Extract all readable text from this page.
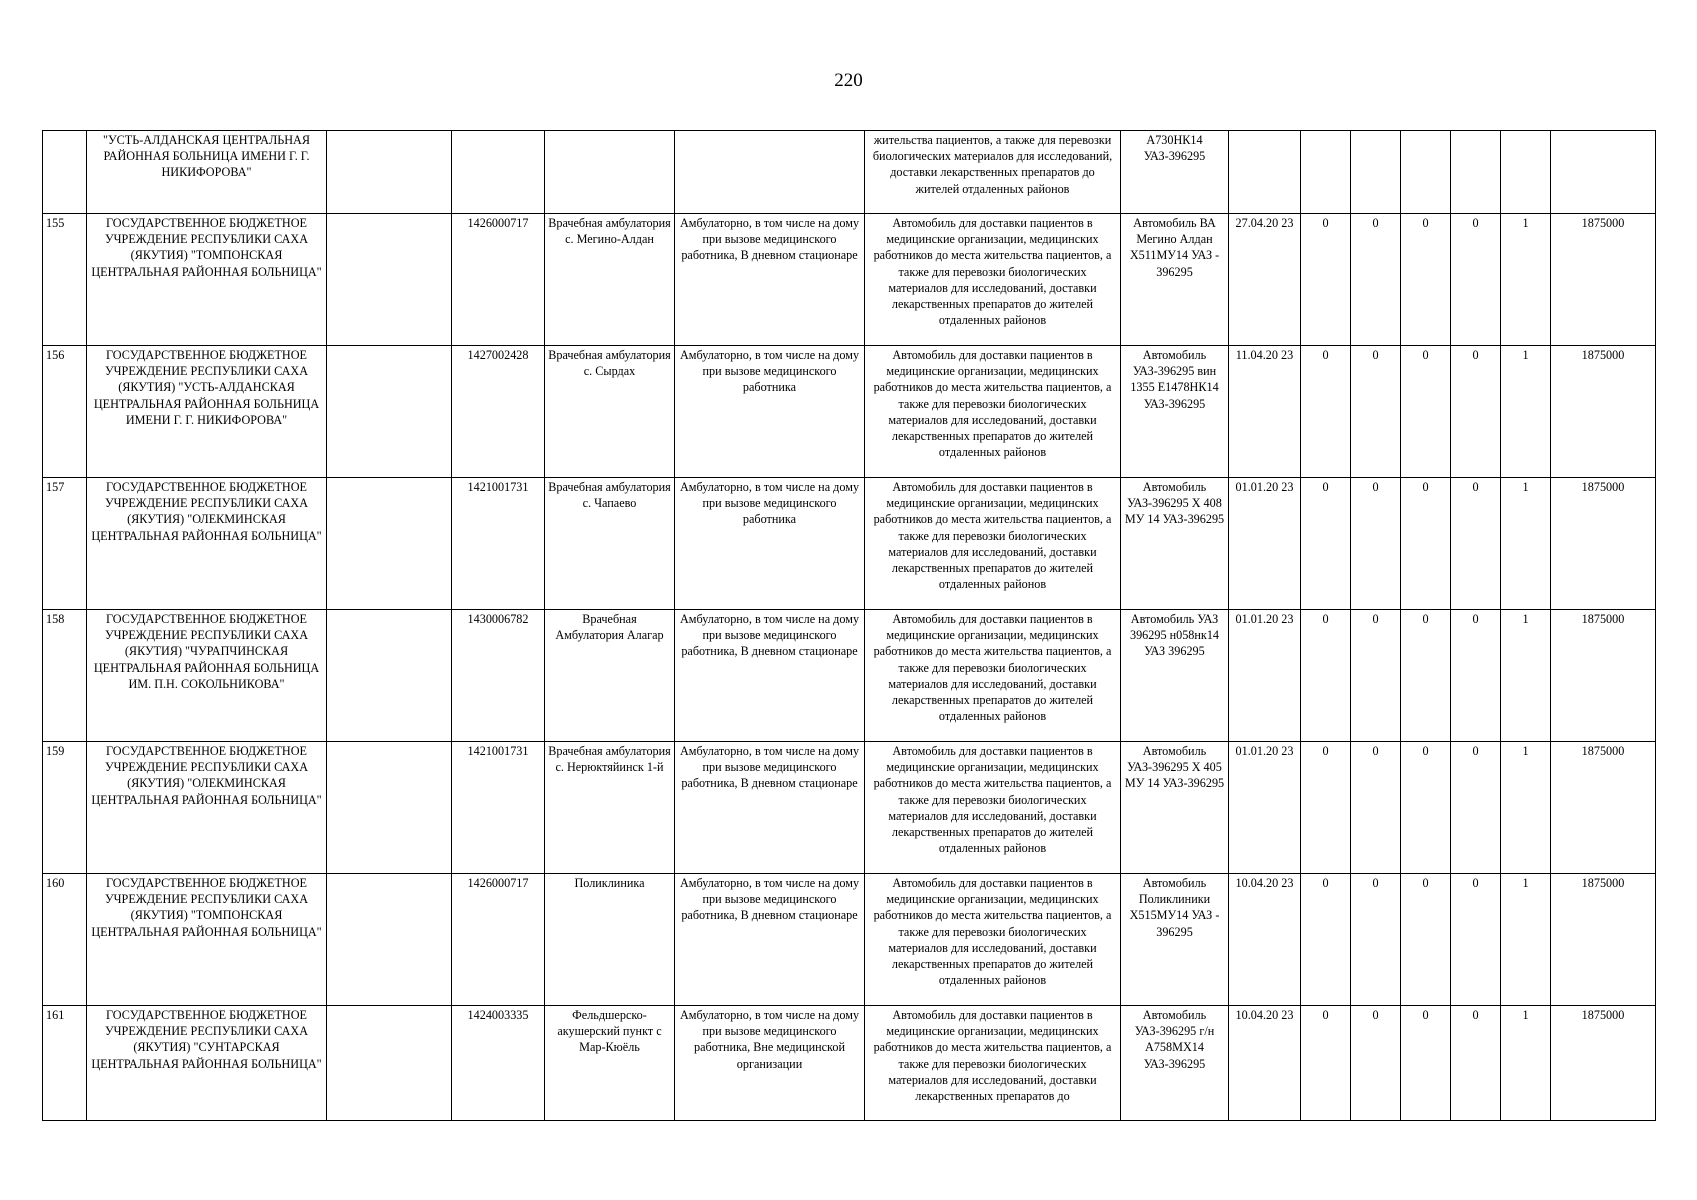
220

	"УСТЬ-АЛДАНСКАЯ ЦЕНТРАЛЬНАЯ РАЙОННАЯ БОЛЬНИЦА ИМЕНИ Г. Г. НИКИФОРОВА"					жительства пациентов, а также для перевозки биологических материалов для исследований, доставки лекарственных препаратов до жителей отдаленных районов	А730НК14 УАЗ-396295							

155	ГОСУДАРСТВЕННОЕ БЮДЖЕТНОЕ УЧРЕЖДЕНИЕ РЕСПУБЛИКИ САХА (ЯКУТИЯ) "ТОМПОНСКАЯ ЦЕНТРАЛЬНАЯ РАЙОННАЯ БОЛЬНИЦА"		1426000717	Врачебная амбулатория с. Мегино-Алдан	Амбулаторно, в том числе на дому при вызове медицинского работника, В дневном стационаре	Автомобиль для доставки пациентов в медицинские организации, медицинских работников до места жительства пациентов, а также для перевозки биологических материалов для исследований, доставки лекарственных препаратов до жителей отдаленных районов	Автомобиль ВА Мегино Алдан Х511МУ14 УАЗ - 396295	27.04.20 23	0	0	0	0	1	1875000

156	ГОСУДАРСТВЕННОЕ БЮДЖЕТНОЕ УЧРЕЖДЕНИЕ РЕСПУБЛИКИ САХА (ЯКУТИЯ) "УСТЬ-АЛДАНСКАЯ ЦЕНТРАЛЬНАЯ РАЙОННАЯ БОЛЬНИЦА ИМЕНИ Г. Г. НИКИФОРОВА"		1427002428	Врачебная амбулатория с. Сырдах	Амбулаторно, в том числе на дому при вызове медицинского работника	Автомобиль для доставки пациентов в медицинские организации, медицинских работников до места жительства пациентов, а также для перевозки биологических материалов для исследований, доставки лекарственных препаратов до жителей отдаленных районов	Автомобиль УАЗ-396295 вин 1355 Е1478НК14 УАЗ-396295	11.04.20 23	0	0	0	0	1	1875000

157	ГОСУДАРСТВЕННОЕ БЮДЖЕТНОЕ УЧРЕЖДЕНИЕ РЕСПУБЛИКИ САХА (ЯКУТИЯ) "ОЛЕКМИНСКАЯ ЦЕНТРАЛЬНАЯ РАЙОННАЯ БОЛЬНИЦА"		1421001731	Врачебная амбулатория с. Чапаево	Амбулаторно, в том числе на дому при вызове медицинского работника	Автомобиль для доставки пациентов в медицинские организации, медицинских работников до места жительства пациентов, а также для перевозки биологических материалов для исследований, доставки лекарственных препаратов до жителей отдаленных районов	Автомобиль УАЗ-396295 Х 408 МУ 14 УАЗ-396295	01.01.20 23	0	0	0	0	1	1875000

158	ГОСУДАРСТВЕННОЕ БЮДЖЕТНОЕ УЧРЕЖДЕНИЕ РЕСПУБЛИКИ САХА (ЯКУТИЯ) "ЧУРАПЧИНСКАЯ ЦЕНТРАЛЬНАЯ РАЙОННАЯ БОЛЬНИЦА ИМ. П.Н. СОКОЛЬНИКОВА"		1430006782	Врачебная Амбулатория Алагар	Амбулаторно, в том числе на дому при вызове медицинского работника, В дневном стационаре	Автомобиль для доставки пациентов в медицинские организации, медицинских работников до места жительства пациентов, а также для перевозки биологических материалов для исследований, доставки лекарственных препаратов до жителей отдаленных районов	Автомобиль УАЗ 396295 н058нк14 УАЗ 396295	01.01.20 23	0	0	0	0	1	1875000

159	ГОСУДАРСТВЕННОЕ БЮДЖЕТНОЕ УЧРЕЖДЕНИЕ РЕСПУБЛИКИ САХА (ЯКУТИЯ) "ОЛЕКМИНСКАЯ ЦЕНТРАЛЬНАЯ РАЙОННАЯ БОЛЬНИЦА"		1421001731	Врачебная амбулатория с. Нерюктяйинск 1-й	Амбулаторно, в том числе на дому при вызове медицинского работника, В дневном стационаре	Автомобиль для доставки пациентов в медицинские организации, медицинских работников до места жительства пациентов, а также для перевозки биологических материалов для исследований, доставки лекарственных препаратов до жителей отдаленных районов	Автомобиль УАЗ-396295 Х 405 МУ 14 УАЗ-396295	01.01.20 23	0	0	0	0	1	1875000

160	ГОСУДАРСТВЕННОЕ БЮДЖЕТНОЕ УЧРЕЖДЕНИЕ РЕСПУБЛИКИ САХА (ЯКУТИЯ) "ТОМПОНСКАЯ ЦЕНТРАЛЬНАЯ РАЙОННАЯ БОЛЬНИЦА"		1426000717	Поликлиника	Амбулаторно, в том числе на дому при вызове медицинского работника, В дневном стационаре	Автомобиль для доставки пациентов в медицинские организации, медицинских работников до места жительства пациентов, а также для перевозки биологических материалов для исследований, доставки лекарственных препаратов до жителей отдаленных районов	Автомобиль Поликлиники Х515МУ14 УАЗ - 396295	10.04.20 23	0	0	0	0	1	1875000

161	ГОСУДАРСТВЕННОЕ БЮДЖЕТНОЕ УЧРЕЖДЕНИЕ РЕСПУБЛИКИ САХА (ЯКУТИЯ) "СУНТАРСКАЯ ЦЕНТРАЛЬНАЯ РАЙОННАЯ БОЛЬНИЦА"		1424003335	Фельдшерско-акушерский пункт с Мар-Кюёль	Амбулаторно, в том числе на дому при вызове медицинского работника, Вне медицинской организации	Автомобиль для доставки пациентов в медицинские организации, медицинских работников до места жительства пациентов, а также для перевозки биологических материалов для исследований, доставки лекарственных препаратов до	Автомобиль УАЗ-396295 г/н А758МХ14 УАЗ-396295	10.04.20 23	0	0	0	0	1	1875000
